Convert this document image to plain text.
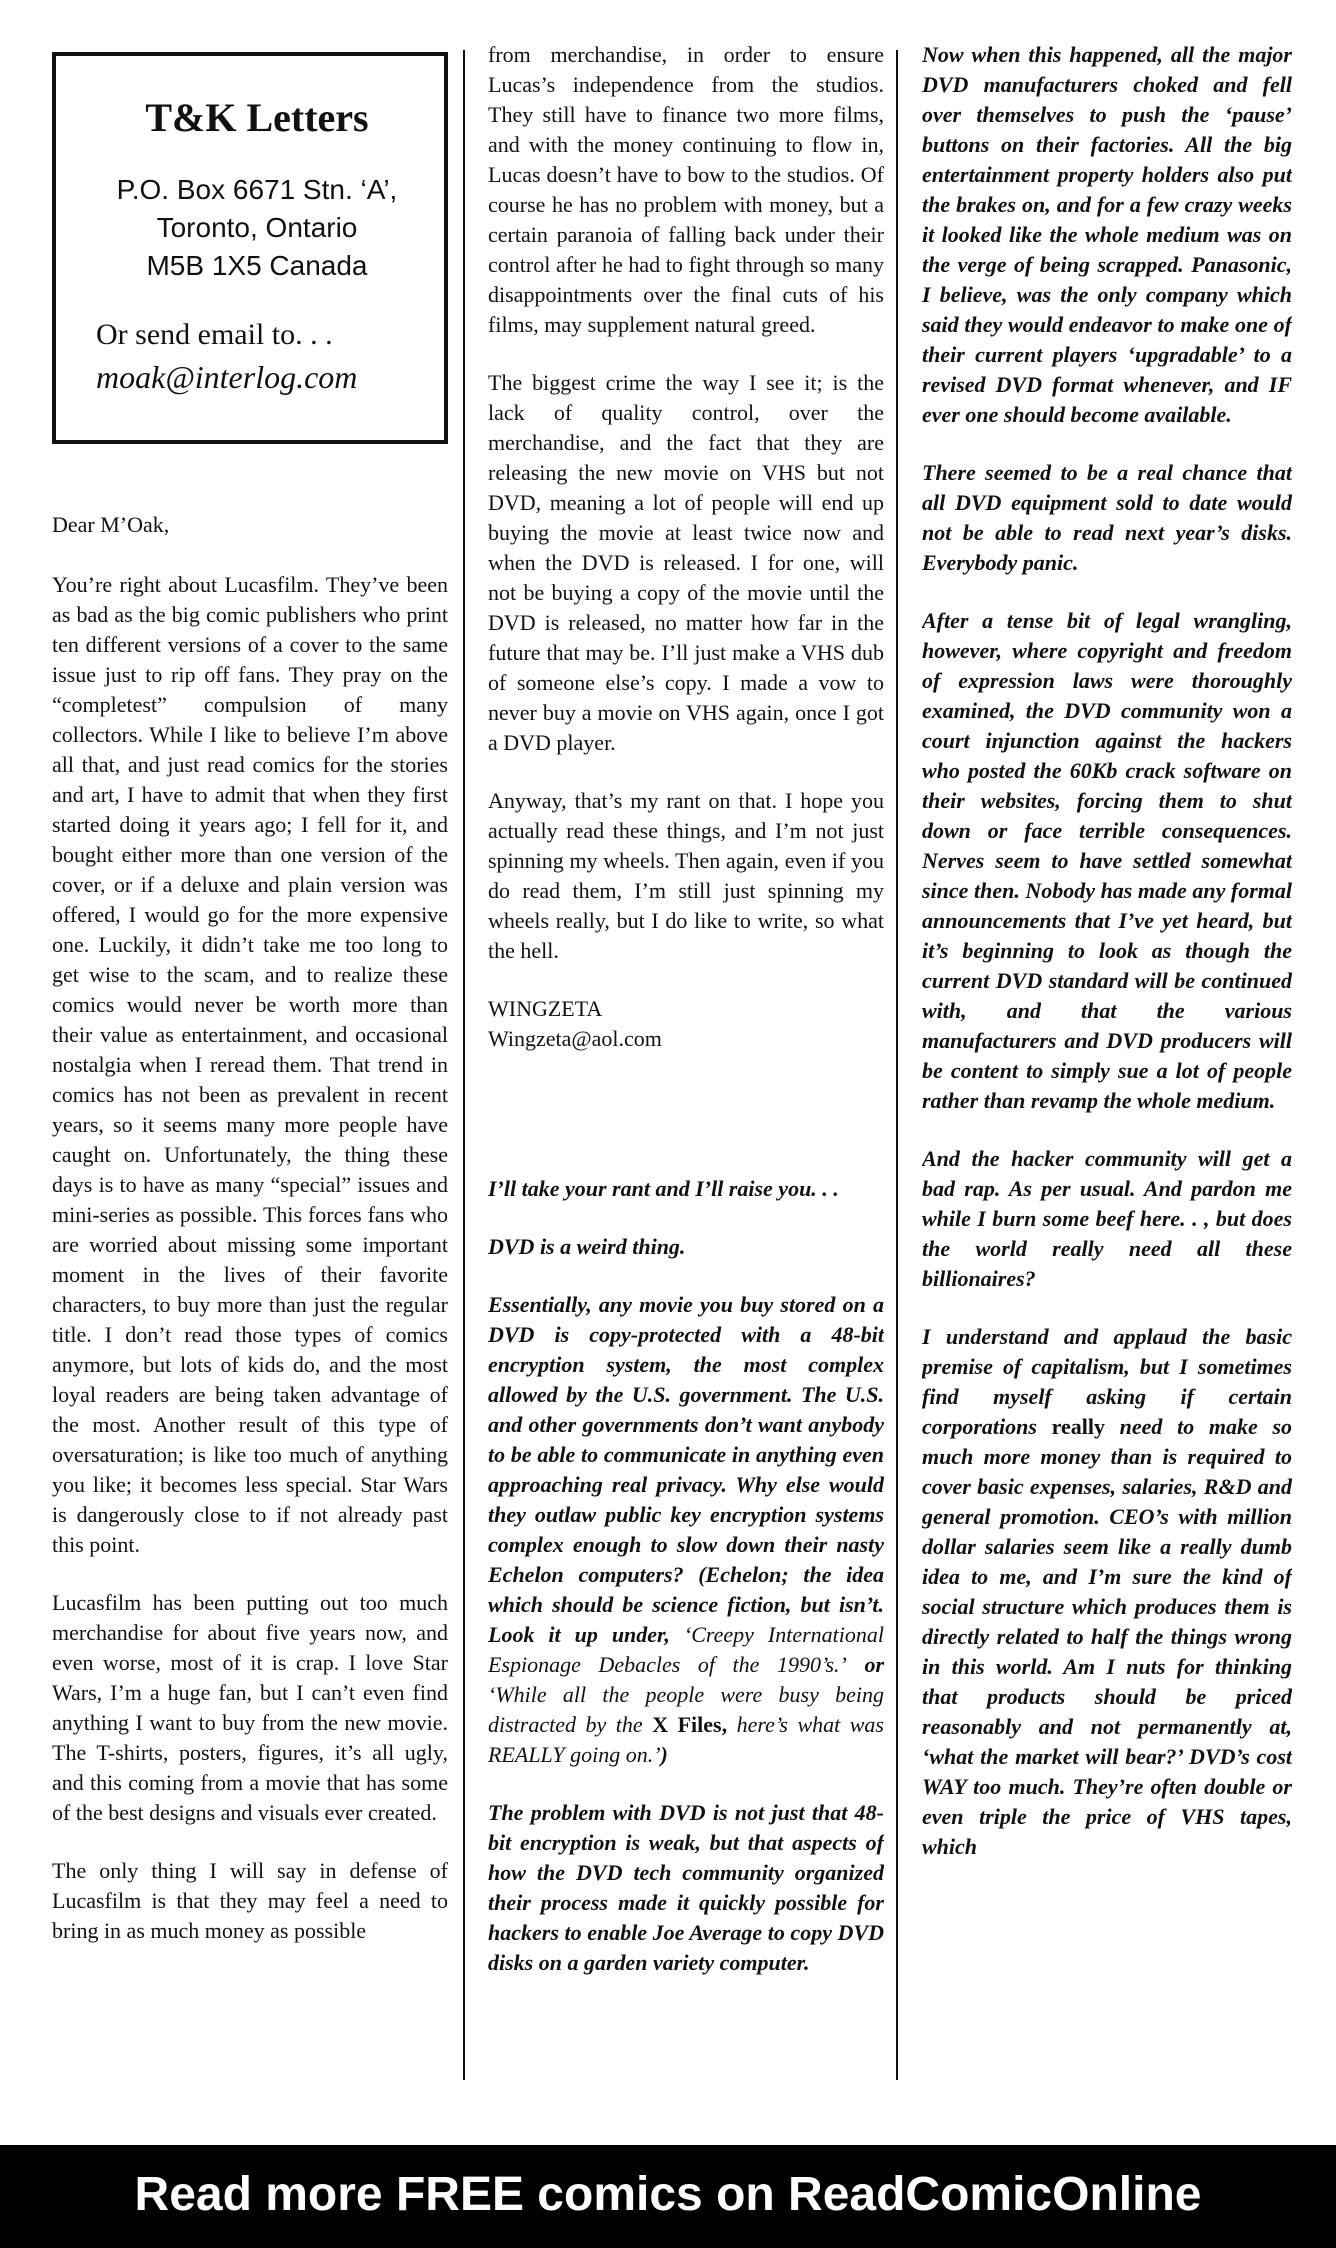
T&K Letters
P.O. Box 6671 Stn. ‘A’,
Toronto, Ontario
M5B 1X5 Canada
Or send email to. . .
moak@interlog.com

Dear M’Oak,

You’re right about Lucasfilm. They’ve been as bad as the big comic publishers who print ten different versions of a cover to the same issue just to rip off fans. They pray on the “completest” compulsion of many collectors. While I like to believe I’m above all that, and just read comics for the stories and art, I have to admit that when they first started doing it years ago; I fell for it, and bought either more than one version of the cover, or if a deluxe and plain version was offered, I would go for the more expensive one. Luckily, it didn’t take me too long to get wise to the scam, and to realize these comics would never be worth more than their value as entertainment, and occasional nostalgia when I reread them. That trend in comics has not been as prevalent in recent years, so it seems many more people have caught on. Unfortunately, the thing these days is to have as many “special” issues and mini-series as possible. This forces fans who are worried about missing some important moment in the lives of their favorite characters, to buy more than just the regular title. I don’t read those types of comics anymore, but lots of kids do, and the most loyal readers are being taken advantage of the most. Another result of this type of oversaturation; is like too much of anything you like; it becomes less special. Star Wars is dangerously close to if not already past this point.

Lucasfilm has been putting out too much merchandise for about five years now, and even worse, most of it is crap. I love Star Wars, I’m a huge fan, but I can’t even find anything I want to buy from the new movie. The T-shirts, posters, figures, it’s all ugly, and this coming from a movie that has some of the best designs and visuals ever created.

The only thing I will say in defense of Lucasfilm is that they may feel a need to bring in as much money as possible

from merchandise, in order to ensure Lucas’s independence from the studios. They still have to finance two more films, and with the money continuing to flow in, Lucas doesn’t have to bow to the studios. Of course he has no problem with money, but a certain paranoia of falling back under their control after he had to fight through so many disappointments over the final cuts of his films, may supplement natural greed.

The biggest crime the way I see it; is the lack of quality control, over the merchandise, and the fact that they are releasing the new movie on VHS but not DVD, meaning a lot of people will end up buying the movie at least twice now and when the DVD is released. I for one, will not be buying a copy of the movie until the DVD is released, no matter how far in the future that may be. I’ll just make a VHS dub of someone else’s copy. I made a vow to never buy a movie on VHS again, once I got a DVD player.

Anyway, that’s my rant on that. I hope you actually read these things, and I’m not just spinning my wheels. Then again, even if you do read them, I’m still just spinning my wheels really, but I do like to write, so what the hell.

WINGZETA
Wingzeta@aol.com

I’ll take your rant and I’ll raise you. . .

DVD is a weird thing.

Essentially, any movie you buy stored on a DVD is copy-protected with a 48-bit encryption system, the most complex allowed by the U.S. government. The U.S. and other governments don’t want anybody to be able to communicate in anything even approaching real privacy. Why else would they outlaw public key encryption systems complex enough to slow down their nasty Echelon computers? (Echelon; the idea which should be science fiction, but isn’t. Look it up under, ‘Creepy International Espionage Debacles of the 1990’s.’ or ‘While all the people were busy being distracted by the X Files, here’s what was REALLY going on.’)

The problem with DVD is not just that 48-bit encryption is weak, but that aspects of how the DVD tech community organized their process made it quickly possible for hackers to enable Joe Average to copy DVD disks on a garden variety computer.

Now when this happened, all the major DVD manufacturers choked and fell over themselves to push the ‘pause’ buttons on their factories. All the big entertainment property holders also put the brakes on, and for a few crazy weeks it looked like the whole medium was on the verge of being scrapped. Panasonic, I believe, was the only company which said they would endeavor to make one of their current players ‘upgradable’ to a revised DVD format whenever, and IF ever one should become available.

There seemed to be a real chance that all DVD equipment sold to date would not be able to read next year’s disks. Everybody panic.

After a tense bit of legal wrangling, however, where copyright and freedom of expression laws were thoroughly examined, the DVD community won a court injunction against the hackers who posted the 60Kb crack software on their websites, forcing them to shut down or face terrible consequences. Nerves seem to have settled somewhat since then. Nobody has made any formal announcements that I’ve yet heard, but it’s beginning to look as though the current DVD standard will be continued with, and that the various manufacturers and DVD producers will be content to simply sue a lot of people rather than revamp the whole medium.

And the hacker community will get a bad rap. As per usual. And pardon me while I burn some beef here. . , but does the world really need all these billionaires?

I understand and applaud the basic premise of capitalism, but I sometimes find myself asking if certain corporations really need to make so much more money than is required to cover basic expenses, salaries, R&D and general promotion. CEO’s with million dollar salaries seem like a really dumb idea to me, and I’m sure the kind of social structure which produces them is directly related to half the things wrong in this world. Am I nuts for thinking that products should be priced reasonably and not permanently at, ‘what the market will bear?’ DVD’s cost WAY too much. They’re often double or even triple the price of VHS tapes, which

Read more FREE comics on ReadComicOnline
